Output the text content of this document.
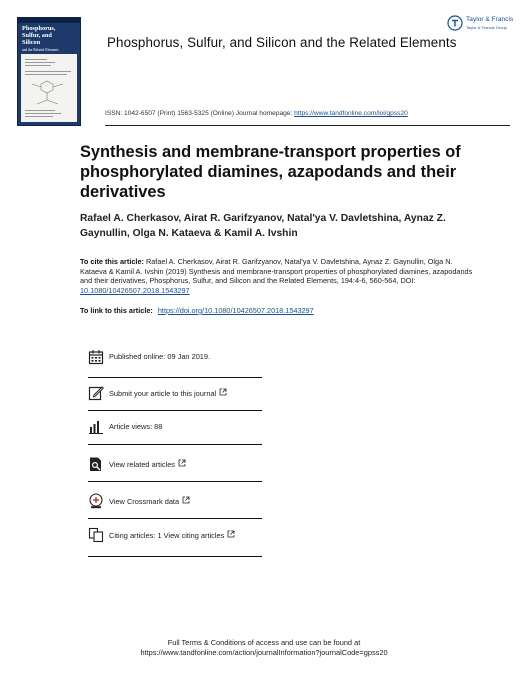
Phosphorus,
Sulfur, and
Silicon
and the Related Elements	Phosphorus, Sulfur, and Silicon and the Related Elements
Taylor & Francis
Taylor & Francis Group
ISSN: 1042-6507 (Print) 1563-5325 (Online) Journal homepage: https://www.tandfonline.com/loi/gpss20
Synthesis and membrane-transport properties of phosphorylated diamines, azapodands and their derivatives
Rafael A. Cherkasov, Airat R. Garifzyanov, Natal'ya V. Davletshina, Aynaz Z. Gaynullin, Olga N. Kataeva & Kamil A. Ivshin
To cite this article: Rafael A. Cherkasov, Airat R. Garifzyanov, Natal'ya V. Davletshina, Aynaz Z. Gaynullin, Olga N. Kataeva & Kamil A. Ivshin (2019) Synthesis and membrane-transport properties of phosphorylated diamines, azapodands and their derivatives, Phosphorus, Sulfur, and Silicon and the Related Elements, 194:4-6, 560-564, DOI: 10.1080/10426507.2018.1543297
To link to this article: https://doi.org/10.1080/10426507.2018.1543297
Published online: 09 Jan 2019.
Submit your article to this journal
Article views: 88
View related articles
View Crossmark data
Citing articles: 1 View citing articles
Full Terms & Conditions of access and use can be found at
https://www.tandfonline.com/action/journalInformation?journalCode=gpss20
